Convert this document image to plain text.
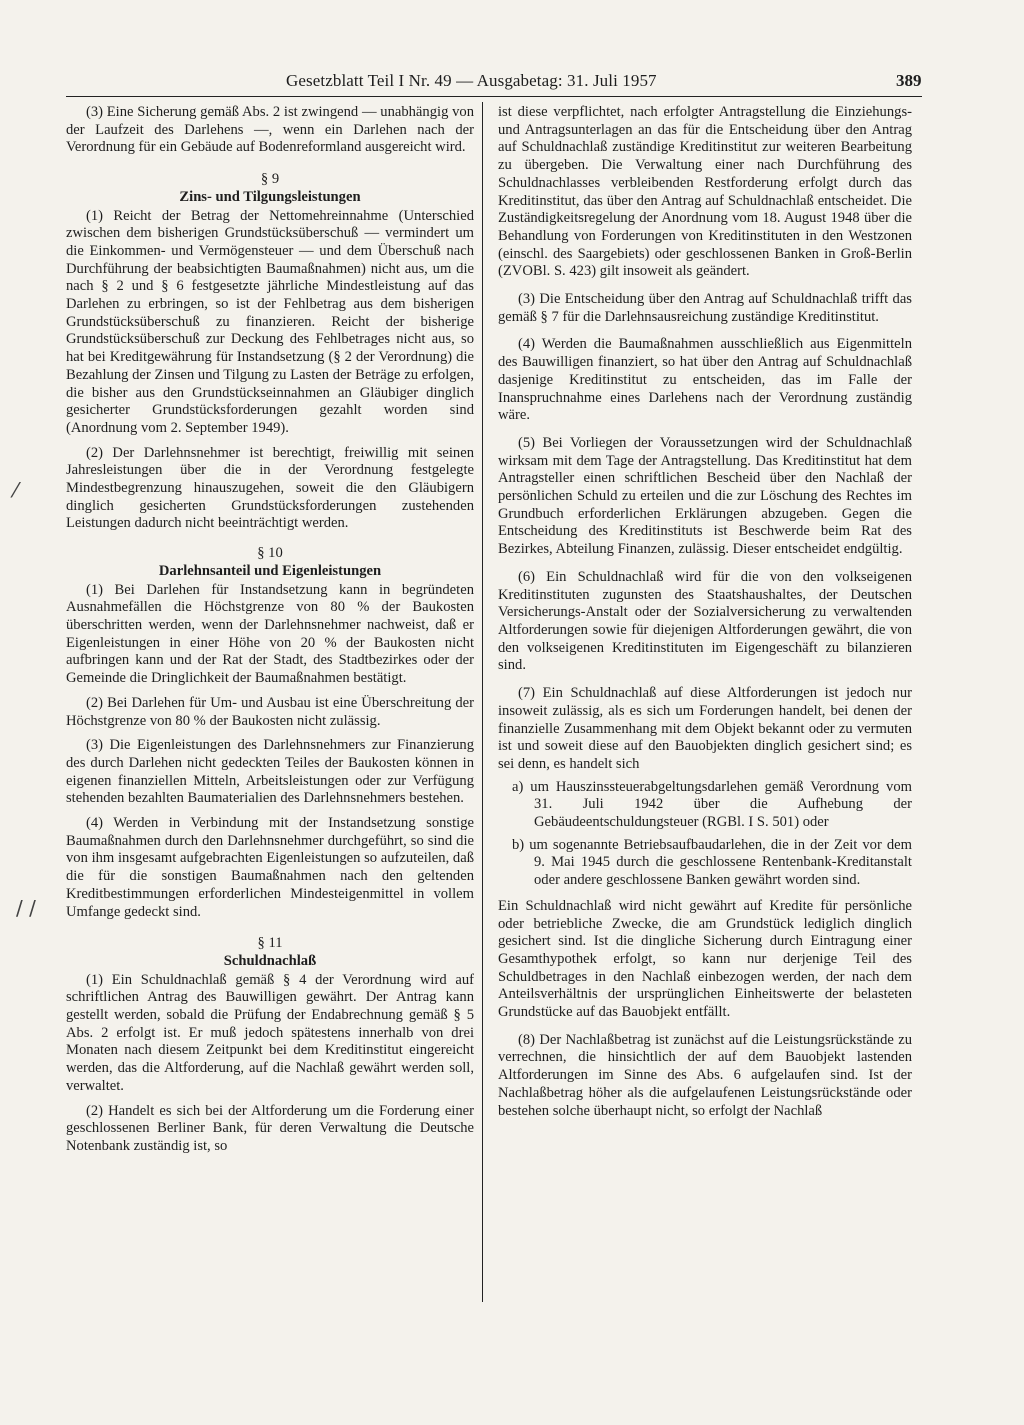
Gesetzblatt Teil I Nr. 49 — Ausgabetag: 31. Juli 1957	389
⁄
/ /

(3) Eine Sicherung gemäß Abs. 2 ist zwingend — unabhängig von der Laufzeit des Darlehens —, wenn ein Darlehen nach der Verordnung für ein Gebäude auf Bodenreformland ausgereicht wird.

§ 9
Zins- und Tilgungsleistungen

(1) Reicht der Betrag der Nettomehreinnahme (Unterschied zwischen dem bisherigen Grundstücksüberschuß — vermindert um die Einkommen- und Vermögensteuer — und dem Überschuß nach Durchführung der beabsichtigten Baumaßnahmen) nicht aus, um die nach § 2 und § 6 festgesetzte jährliche Mindestleistung auf das Darlehen zu erbringen, so ist der Fehlbetrag aus dem bisherigen Grundstücksüberschuß zu finanzieren. Reicht der bisherige Grundstücksüberschuß zur Deckung des Fehlbetrages nicht aus, so hat bei Kreditgewährung für Instandsetzung (§ 2 der Verordnung) die Bezahlung der Zinsen und Tilgung zu Lasten der Beträge zu erfolgen, die bisher aus den Grundstückseinnahmen an Gläubiger dinglich gesicherter Grundstücksforderungen gezahlt worden sind (Anordnung vom 2. September 1949).

(2) Der Darlehnsnehmer ist berechtigt, freiwillig mit seinen Jahresleistungen über die in der Verordnung festgelegte Mindestbegrenzung hinauszugehen, soweit die den Gläubigern dinglich gesicherten Grundstücksforderungen zustehenden Leistungen dadurch nicht beeinträchtigt werden.

§ 10
Darlehnsanteil und Eigenleistungen

(1) Bei Darlehen für Instandsetzung kann in begründeten Ausnahmefällen die Höchstgrenze von 80 % der Baukosten überschritten werden, wenn der Darlehnsnehmer nachweist, daß er Eigenleistungen in einer Höhe von 20 % der Baukosten nicht aufbringen kann und der Rat der Stadt, des Stadtbezirkes oder der Gemeinde die Dringlichkeit der Baumaßnahmen bestätigt.

(2) Bei Darlehen für Um- und Ausbau ist eine Überschreitung der Höchstgrenze von 80 % der Baukosten nicht zulässig.

(3) Die Eigenleistungen des Darlehnsnehmers zur Finanzierung des durch Darlehen nicht gedeckten Teiles der Baukosten können in eigenen finanziellen Mitteln, Arbeitsleistungen oder zur Verfügung stehenden bezahlten Baumaterialien des Darlehnsnehmers bestehen.

(4) Werden in Verbindung mit der Instandsetzung sonstige Baumaßnahmen durch den Darlehnsnehmer durchgeführt, so sind die von ihm insgesamt aufgebrachten Eigenleistungen so aufzuteilen, daß die für die sonstigen Baumaßnahmen nach den geltenden Kreditbestimmungen erforderlichen Mindesteigenmittel in vollem Umfange gedeckt sind.

§ 11
Schuldnachlaß

(1) Ein Schuldnachlaß gemäß § 4 der Verordnung wird auf schriftlichen Antrag des Bauwilligen gewährt. Der Antrag kann gestellt werden, sobald die Prüfung der Endabrechnung gemäß § 5 Abs. 2 erfolgt ist. Er muß jedoch spätestens innerhalb von drei Monaten nach diesem Zeitpunkt bei dem Kreditinstitut eingereicht werden, das die Altforderung, auf die Nachlaß gewährt werden soll, verwaltet.

(2) Handelt es sich bei der Altforderung um die Forderung einer geschlossenen Berliner Bank, für deren Verwaltung die Deutsche Notenbank zuständig ist, so

ist diese verpflichtet, nach erfolgter Antragstellung die Einziehungs- und Antragsunterlagen an das für die Entscheidung über den Antrag auf Schuldnachlaß zuständige Kreditinstitut zur weiteren Bearbeitung zu übergeben. Die Verwaltung einer nach Durchführung des Schuldnachlasses verbleibenden Restforderung erfolgt durch das Kreditinstitut, das über den Antrag auf Schuldnachlaß entscheidet. Die Zuständigkeitsregelung der Anordnung vom 18. August 1948 über die Behandlung von Forderungen von Kreditinstituten in den Westzonen (einschl. des Saargebiets) oder geschlossenen Banken in Groß-Berlin (ZVOBl. S. 423) gilt insoweit als geändert.

(3) Die Entscheidung über den Antrag auf Schuldnachlaß trifft das gemäß § 7 für die Darlehnsausreichung zuständige Kreditinstitut.

(4) Werden die Baumaßnahmen ausschließlich aus Eigenmitteln des Bauwilligen finanziert, so hat über den Antrag auf Schuldnachlaß dasjenige Kreditinstitut zu entscheiden, das im Falle der Inanspruchnahme eines Darlehens nach der Verordnung zuständig wäre.

(5) Bei Vorliegen der Voraussetzungen wird der Schuldnachlaß wirksam mit dem Tage der Antragstellung. Das Kreditinstitut hat dem Antragsteller einen schriftlichen Bescheid über den Nachlaß der persönlichen Schuld zu erteilen und die zur Löschung des Rechtes im Grundbuch erforderlichen Erklärungen abzugeben. Gegen die Entscheidung des Kreditinstituts ist Beschwerde beim Rat des Bezirkes, Abteilung Finanzen, zulässig. Dieser entscheidet endgültig.

(6) Ein Schuldnachlaß wird für die von den volkseigenen Kreditinstituten zugunsten des Staatshaushaltes, der Deutschen Versicherungs-Anstalt oder der Sozialversicherung zu verwaltenden Altforderungen sowie für diejenigen Altforderungen gewährt, die von den volkseigenen Kreditinstituten im Eigengeschäft zu bilanzieren sind.

(7) Ein Schuldnachlaß auf diese Altforderungen ist jedoch nur insoweit zulässig, als es sich um Forderungen handelt, bei denen der finanzielle Zusammenhang mit dem Objekt bekannt oder zu vermuten ist und soweit diese auf den Bauobjekten dinglich gesichert sind; es sei denn, es handelt sich

a) um Hauszinssteuerabgeltungsdarlehen gemäß Verordnung vom 31. Juli 1942 über die Aufhebung der Gebäudeentschuldungsteuer (RGBl. I S. 501) oder

b) um sogenannte Betriebsaufbaudarlehen, die in der Zeit vor dem 9. Mai 1945 durch die geschlossene Rentenbank-Kreditanstalt oder andere geschlossene Banken gewährt worden sind.

Ein Schuldnachlaß wird nicht gewährt auf Kredite für persönliche oder betriebliche Zwecke, die am Grundstück lediglich dinglich gesichert sind. Ist die dingliche Sicherung durch Eintragung einer Gesamthypothek erfolgt, so kann nur derjenige Teil des Schuldbetrages in den Nachlaß einbezogen werden, der nach dem Anteilsverhältnis der ursprünglichen Einheitswerte der belasteten Grundstücke auf das Bauobjekt entfällt.

(8) Der Nachlaßbetrag ist zunächst auf die Leistungsrückstände zu verrechnen, die hinsichtlich der auf dem Bauobjekt lastenden Altforderungen im Sinne des Abs. 6 aufgelaufen sind. Ist der Nachlaßbetrag höher als die aufgelaufenen Leistungsrückstände oder bestehen solche überhaupt nicht, so erfolgt der Nachlaß
